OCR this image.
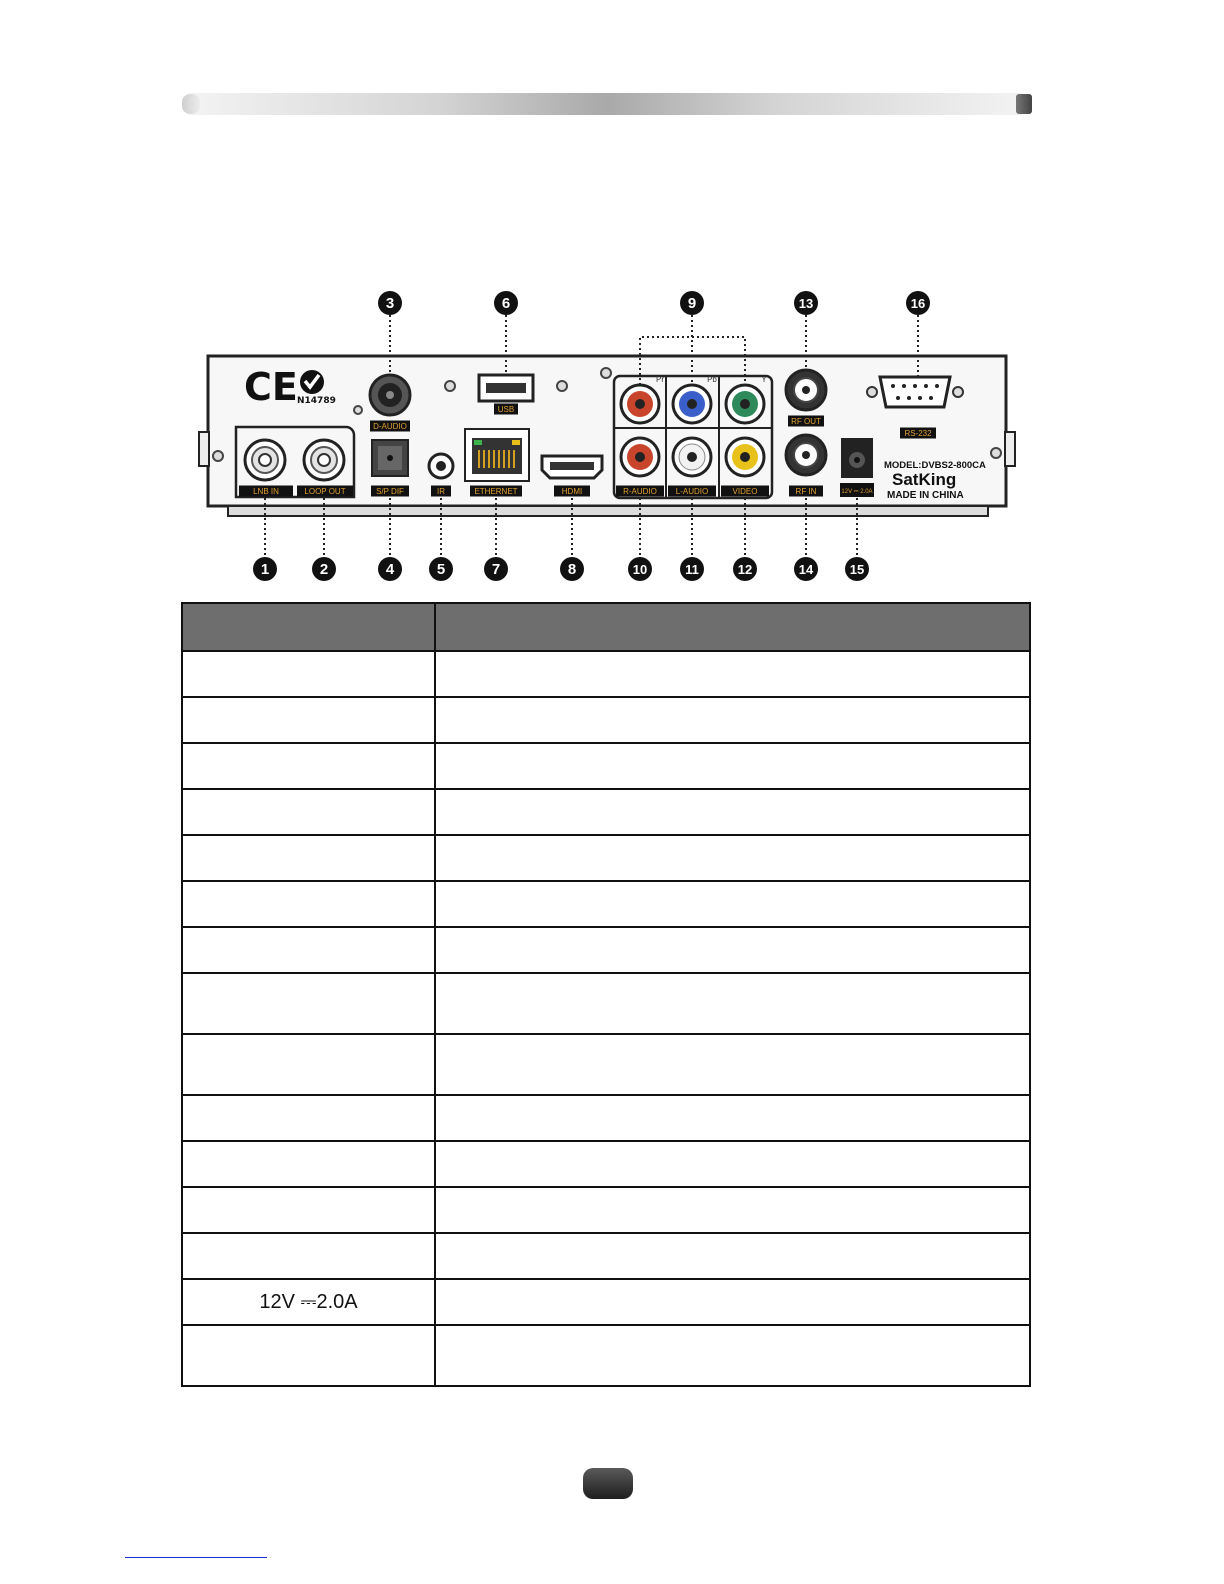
CE N14789
MODEL:DVBS2-800CA
SatKing
MADE IN CHINA
D-AUDIO
USB
RF OUT
RS-232
LNB IN	LOOP OUT	S/P DIF	IR	ETHERNET	HDMI	R-AUDIO L-AUDIO	VIDEO	RF IN	12V ⎓ 2.0A
Pr	Pb	Y
3	6	9	13	16
1	2	4	5	7	8	10	11	12	14	15

12V ⎓2.0A	
